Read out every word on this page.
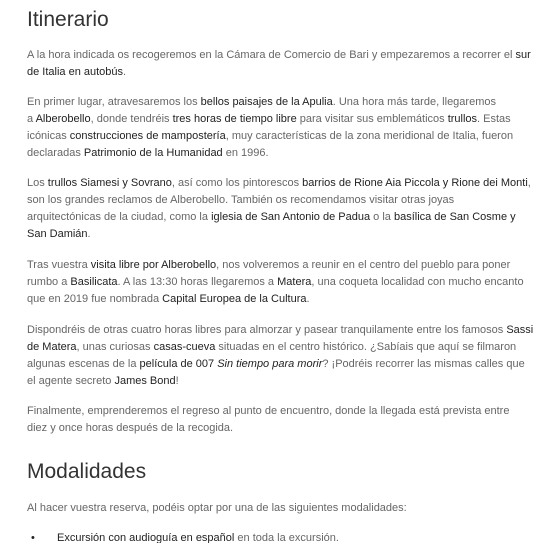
Itinerario

A la hora indicada os recogeremos en la Cámara de Comercio de Bari y empezaremos a recorrer el sur

de Italia en autobús.

En primer lugar, atravesaremos los bellos paisajes de la Apulia. Una hora más tarde, llegaremos

a Alberobello, donde tendréis tres horas de tiempo libre para visitar sus emblemáticos trullos. Estas

icónicas construcciones de mampostería, muy características de la zona meridional de Italia, fueron

declaradas Patrimonio de la Humanidad en 1996.

Los trullos Siamesi y Sovrano, así como los pintorescos barrios de Rione Aia Piccola y Rione dei Monti,

son los grandes reclamos de Alberobello. También os recomendamos visitar otras joyas

arquitectónicas de la ciudad, como la iglesia de San Antonio de Padua o la basílica de San Cosme y

San Damián.

Tras vuestra visita libre por Alberobello, nos volveremos a reunir en el centro del pueblo para poner

rumbo a Basilicata. A las 13:30 horas llegaremos a Matera, una coqueta localidad con mucho encanto

que en 2019 fue nombrada Capital Europea de la Cultura.

Dispondréis de otras cuatro horas libres para almorzar y pasear tranquilamente entre los famosos Sassi

de Matera, unas curiosas casas-cueva situadas en el centro histórico. ¿Sabíais que aquí se filmaron

algunas escenas de la película de 007 Sin tiempo para morir? ¡Podréis recorrer las mismas calles que

el agente secreto James Bond!

Finalmente, emprenderemos el regreso al punto de encuentro, donde la llegada está prevista entre

diez y once horas después de la recogida.

Modalidades

Al hacer vuestra reserva, podéis optar por una de las siguientes modalidades:

• Excursión con audioguía en español en toda la excursión.
